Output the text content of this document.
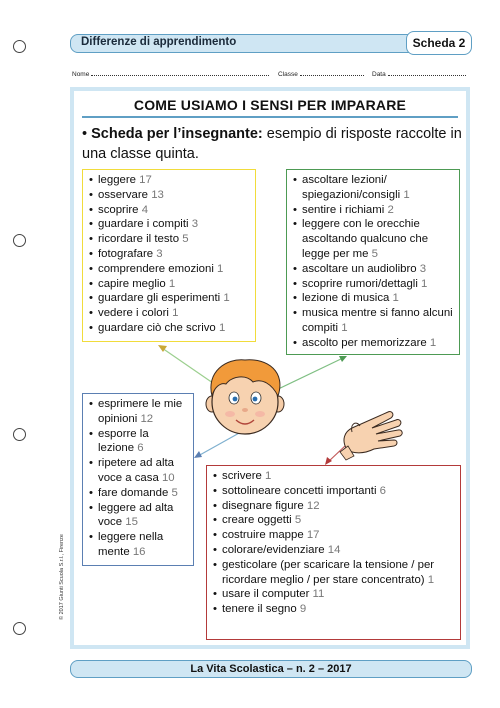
Differenze di apprendimento	Scheda 2
Nome	Classe	Data
COME USIAMO I SENSI PER IMPARARE
• Scheda per l’insegnante: esempio di risposte raccolte in una classe quinta.
• leggere 17
• osservare 13
• scoprire 4
• guardare i compiti 3
• ricordare il testo 5
• fotografare 3
• comprendere emozioni 1
• capire meglio 1
• guardare gli esperimenti 1
• vedere i colori 1
• guardare ciò che scrivo 1
• ascoltare lezioni/ spiegazioni/consigli 1
• sentire i richiami 2
• leggere con le orecchie ascoltando qualcuno che legge per me 5
• ascoltare un audiolibro 3
• scoprire rumori/dettagli 1
• lezione di musica 1
• musica mentre si fanno alcuni compiti 1
• ascolto per memorizzare 1
• esprimere le mie opinioni 12
• esporre la lezione 6
• ripetere ad alta voce a casa 10
• fare domande 5
• leggere ad alta voce 15
• leggere nella mente 16
• scrivere 1
• sottolineare concetti importanti 6
• disegnare figure 12
• creare oggetti 5
• costruire mappe 17
• colorare/evidenziare 14
• gesticolare (per scaricare la tensione / per ricordare meglio / per stare concentrato) 1
• usare il computer 11
• tenere il segno 9
© 2017 Giunti Scuola S.r.l., Firenze
La Vita Scolastica – n. 2 – 2017
